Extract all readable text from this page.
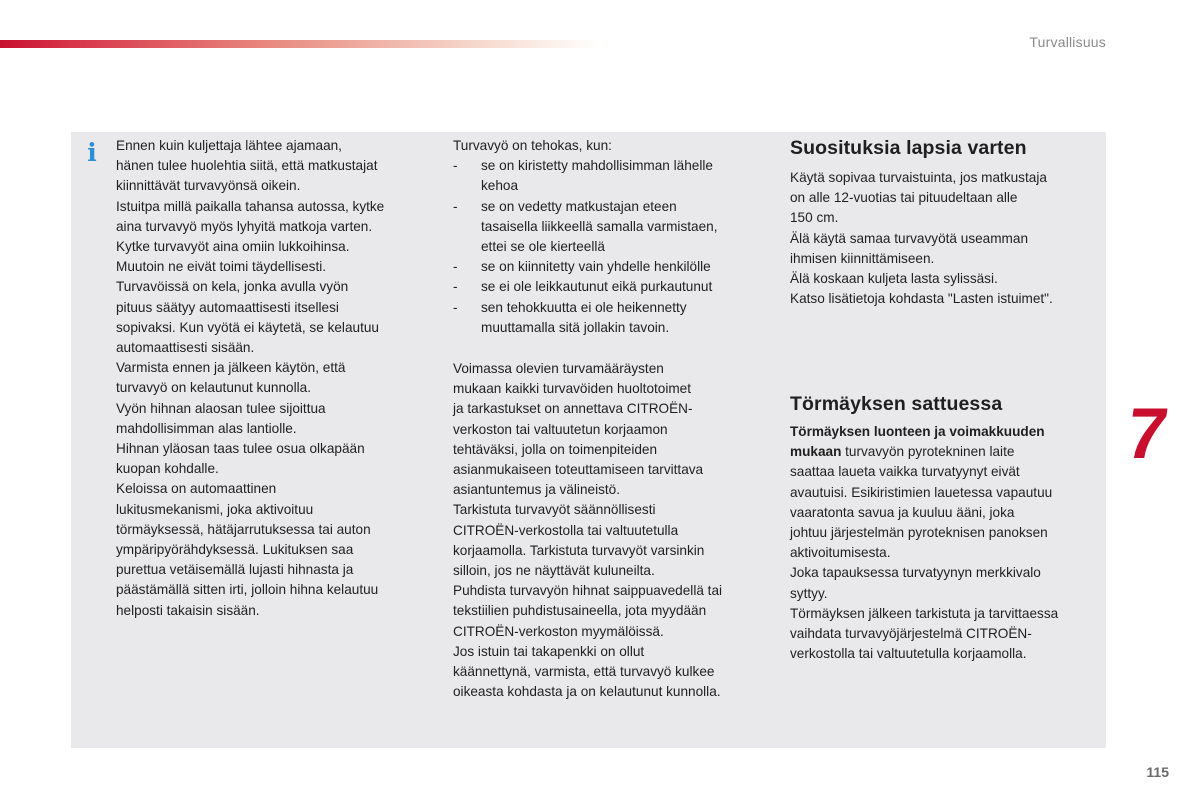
Turvallisuus
i Ennen kuin kuljettaja lähtee ajamaan,

hänen tulee huolehtia siitä, että matkustajat

kiinnittävät turvavyönsä oikein.

Istuitpa millä paikalla tahansa autossa, kytke

aina turvavyö myös lyhyitä matkoja varten.

Kytke turvavyöt aina omiin lukkoihinsa.

Muutoin ne eivät toimi täydellisesti.

Turvavöissä on kela, jonka avulla vyön

pituus säätyy automaattisesti itsellesi

sopivaksi. Kun vyötä ei käytetä, se kelautuu

automaattisesti sisään.

Varmista ennen ja jälkeen käytön, että

turvavyö on kelautunut kunnolla.

Vyön hihnan alaosan tulee sijoittua

mahdollisimman alas lantiolle.

Hihnan yläosan taas tulee osua olkapään

kuopan kohdalle.

Keloissa on automaattinen

lukitusmekanismi, joka aktivoituu

törmäyksessä, hätäjarrutuksessa tai auton

ympäripyörähdyksessä. Lukituksen saa

purettua vetäisemällä lujasti hihnasta ja

päästämällä sitten irti, jolloin hihna kelautuu

helposti takaisin sisään.

Turvavyö on tehokas, kun:

- se on kiristetty mahdollisimman lähelle
kehoa
- se on vedetty matkustajan eteen
tasaisella liikkeellä samalla varmistaen,
ettei se ole kierteellä
- se on kiinnitetty vain yhdelle henkilölle
- se ei ole leikkautunut eikä purkautunut
- sen tehokkuutta ei ole heikennetty
muuttamalla sitä jollakin tavoin.

Voimassa olevien turvamääräysten

mukaan kaikki turvavöiden huoltotoimet

ja tarkastukset on annettava CITROËN-

verkoston tai valtuutetun korjaamon

tehtäväksi, jolla on toimenpiteiden

asianmukaiseen toteuttamiseen tarvittava

asiantuntemus ja välineistö.

Tarkistuta turvavyöt säännöllisesti

CITROËN-verkostolla tai valtuutetulla

korjaamolla. Tarkistuta turvavyöt varsinkin

silloin, jos ne näyttävät kuluneilta.

Puhdista turvavyön hihnat saippuavedellä tai

tekstiilien puhdistusaineella, jota myydään

CITROËN-verkoston myymälöissä.

Jos istuin tai takapenkki on ollut

käännettynä, varmista, että turvavyö kulkee

oikeasta kohdasta ja on kelautunut kunnolla.

Suosituksia lapsia varten

Käytä sopivaa turvaistuinta, jos matkustaja

on alle 12-vuotias tai pituudeltaan alle

150 cm.

Älä käytä samaa turvavyötä useamman

ihmisen kiinnittämiseen.

Älä koskaan kuljeta lasta sylissäsi.

Katso lisätietoja kohdasta "Lasten istuimet".

Törmäyksen sattuessa

Törmäyksen luonteen ja voimakkuuden

mukaan turvavyön pyrotekninen laite

saattaa laueta vaikka turvatyynyt eivät

avautuisi. Esikiristimien lauetessa vapautuu

vaaratonta savua ja kuuluu ääni, joka

johtuu järjestelmän pyroteknisen panoksen

aktivoitumisesta.

Joka tapauksessa turvatyynyn merkkivalo

syttyy.

Törmäyksen jälkeen tarkistuta ja tarvittaessa

vaihdata turvavyöjärjestelmä CITROËN-

verkostolla tai valtuutetulla korjaamolla.

7
115
